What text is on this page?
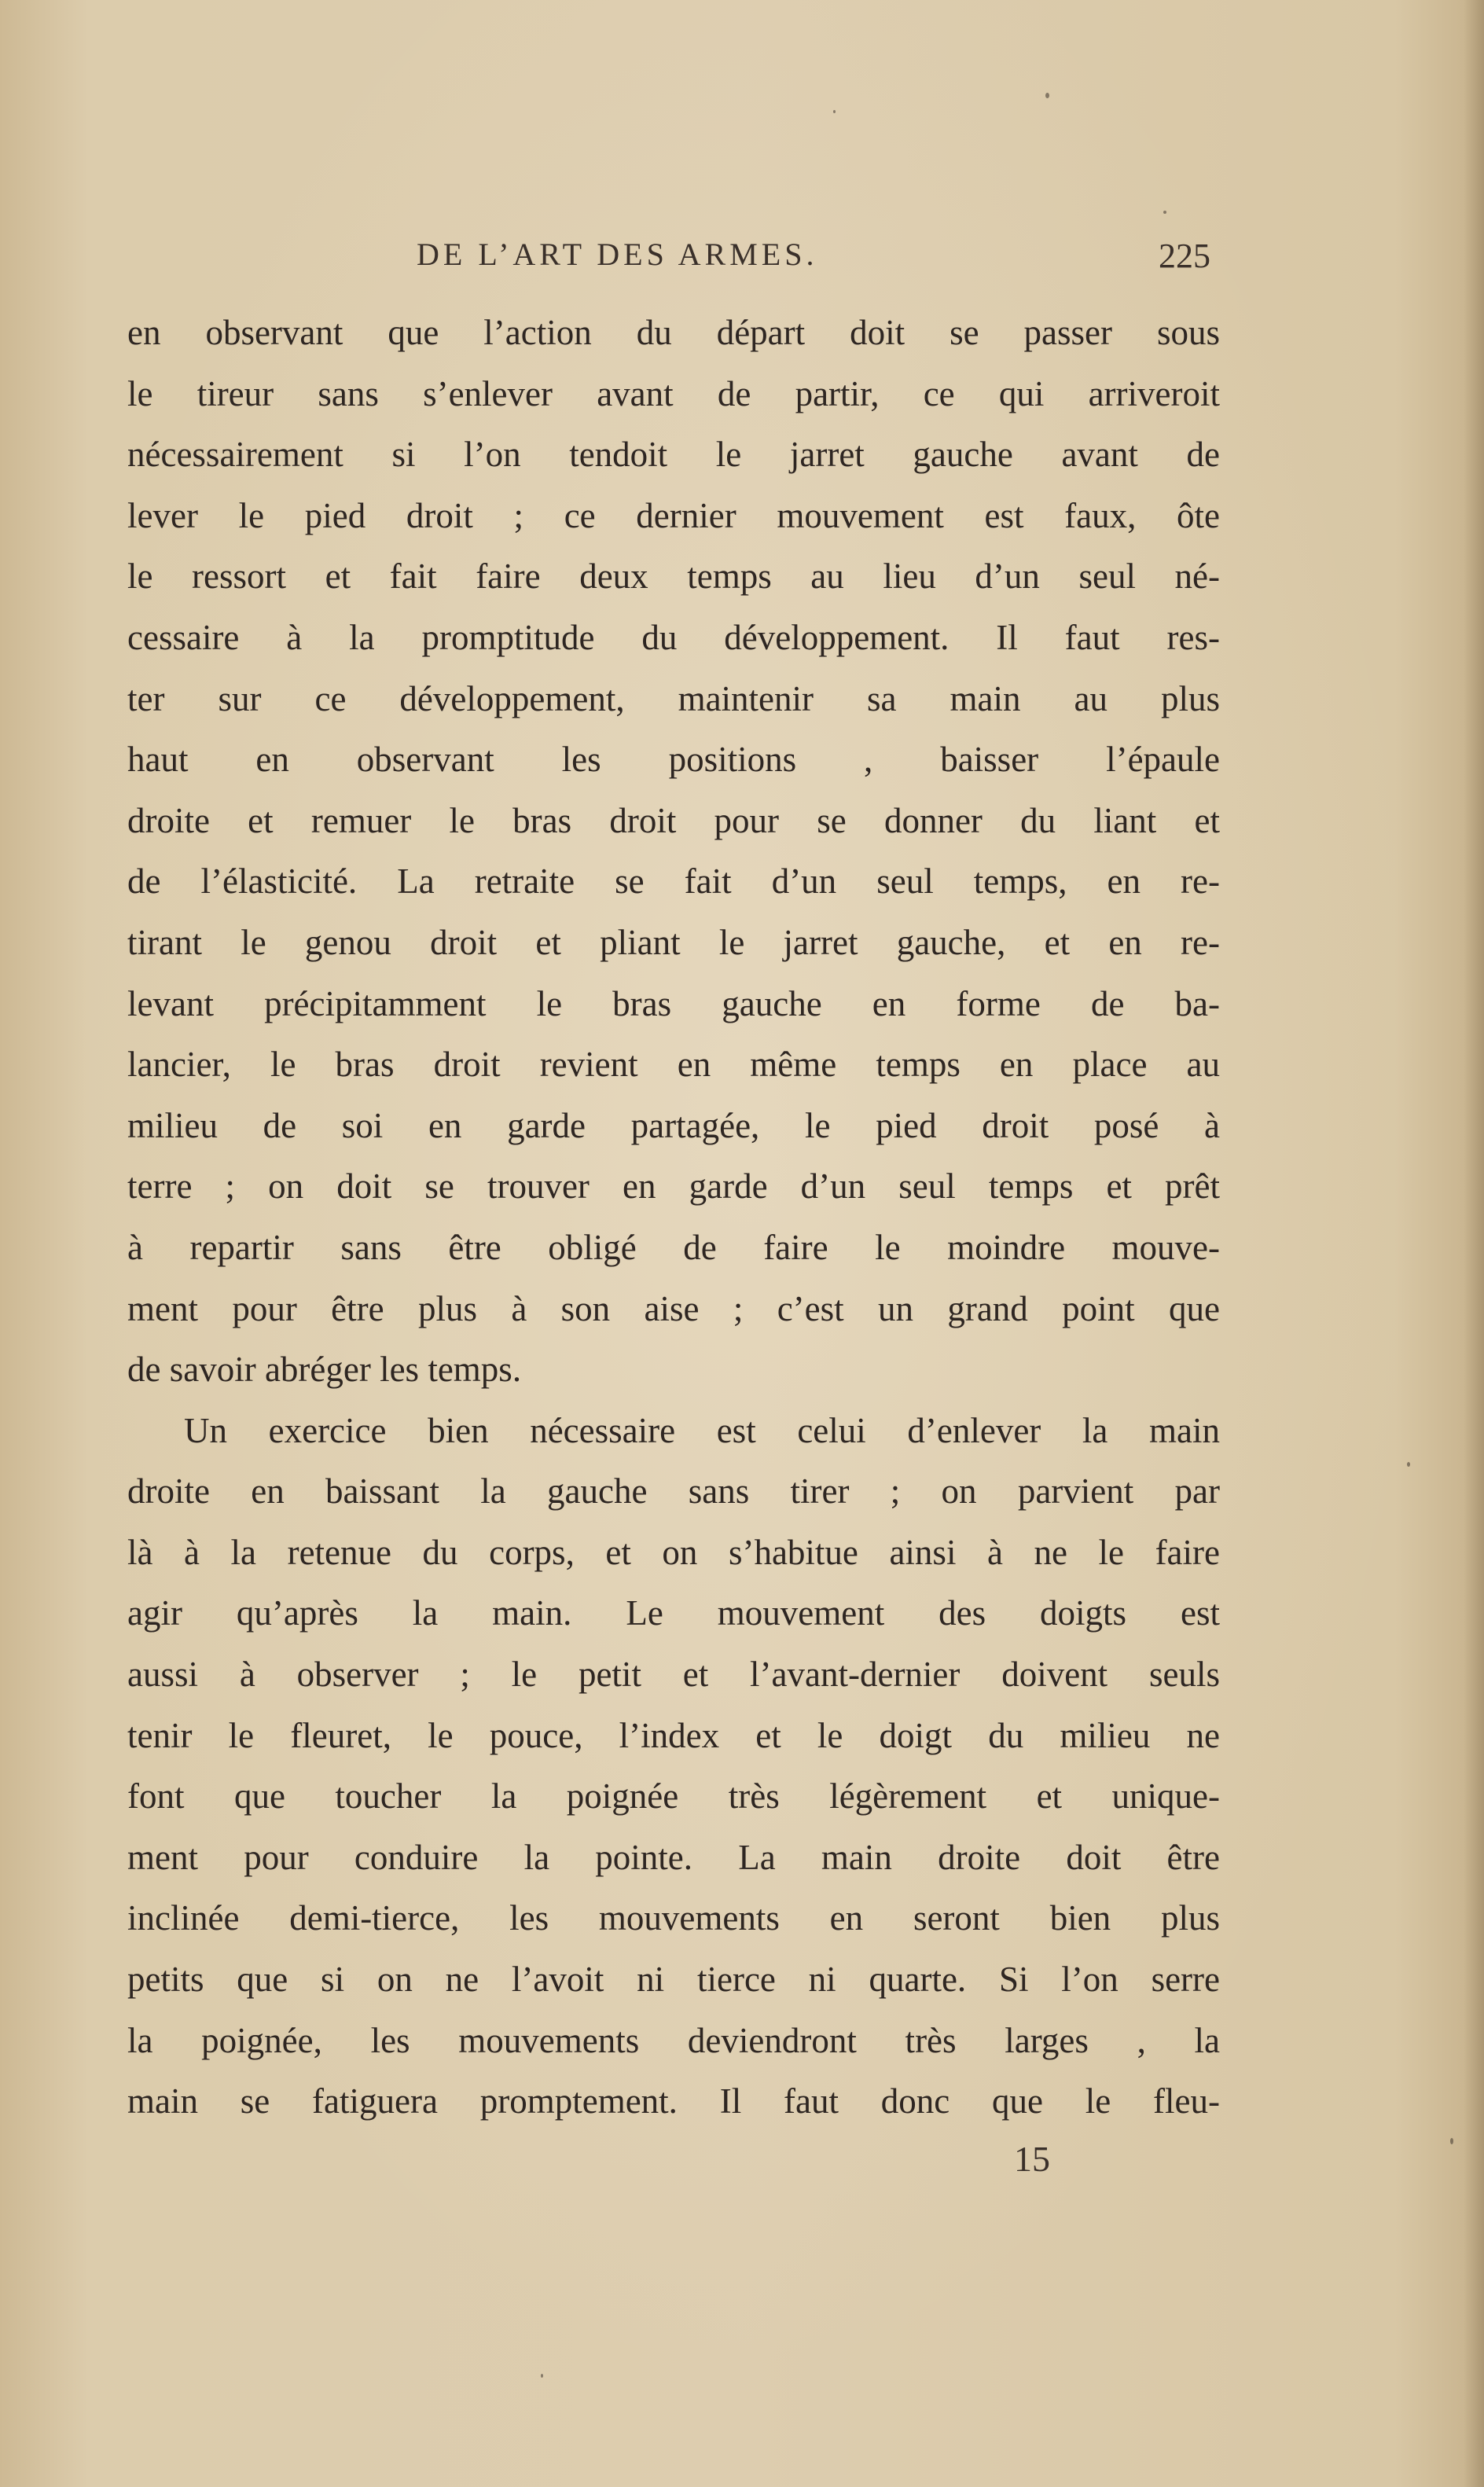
DE L’ART DES ARMES.	225
en observant que l’action du départ doit se passer sous
le tireur sans s’enlever avant de partir, ce qui arriveroit
nécessairement si l’on tendoit le jarret gauche avant de
lever le pied droit ; ce dernier mouvement est faux, ôte
le ressort et fait faire deux temps au lieu d’un seul né-
cessaire à la promptitude du développement. Il faut res-
ter sur ce développement, maintenir sa main au plus
haut en observant les positions , baisser l’épaule
droite et remuer le bras droit pour se donner du liant et
de l’élasticité. La retraite se fait d’un seul temps, en re-
tirant le genou droit et pliant le jarret gauche, et en re-
levant précipitamment le bras gauche en forme de ba-
lancier, le bras droit revient en même temps en place au
milieu de soi en garde partagée, le pied droit posé à
terre ; on doit se trouver en garde d’un seul temps et prêt
à repartir sans être obligé de faire le moindre mouve-
ment pour être plus à son aise ; c’est un grand point que
de savoir abréger les temps.
Un exercice bien nécessaire est celui d’enlever la main
droite en baissant la gauche sans tirer ; on parvient par
là à la retenue du corps, et on s’habitue ainsi à ne le faire
agir qu’après la main. Le mouvement des doigts est
aussi à observer ; le petit et l’avant-dernier doivent seuls
tenir le fleuret, le pouce, l’index et le doigt du milieu ne
font que toucher la poignée très légèrement et unique-
ment pour conduire la pointe. La main droite doit être
inclinée demi-tierce, les mouvements en seront bien plus
petits que si on ne l’avoit ni tierce ni quarte. Si l’on serre
la poignée, les mouvements deviendront très larges , la
main se fatiguera promptement. Il faut donc que le fleu-
15
